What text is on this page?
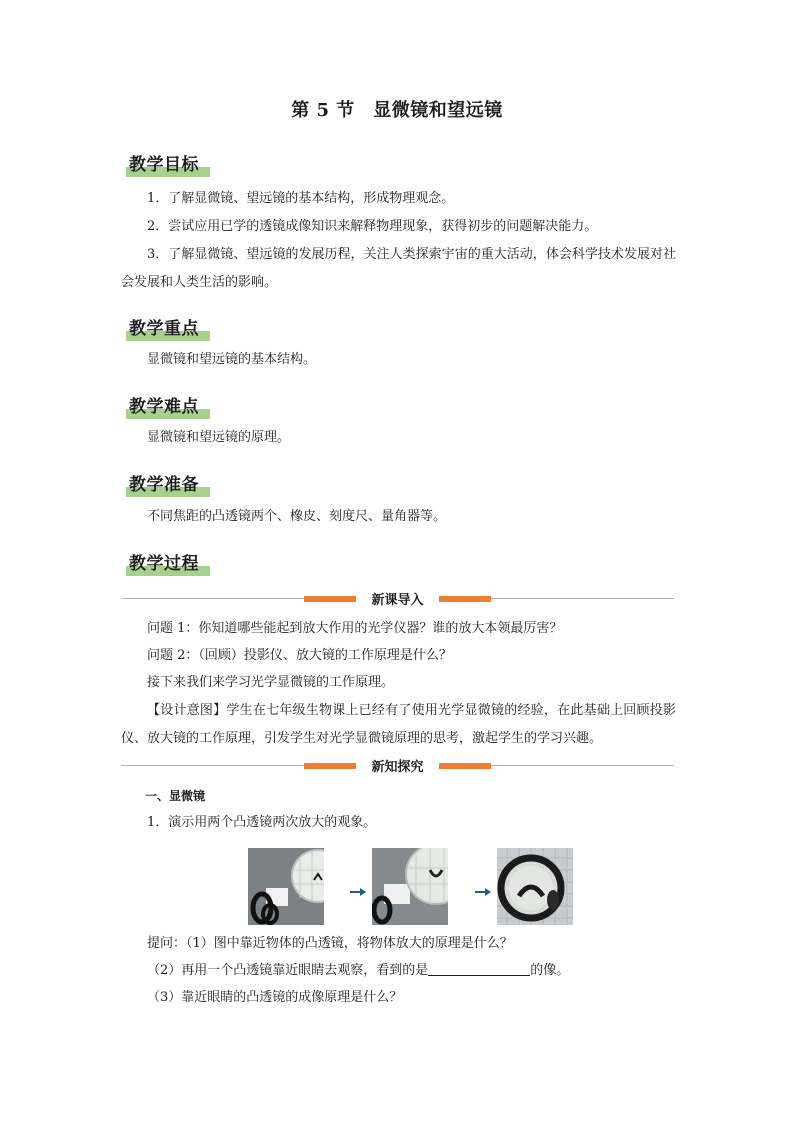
第 5 节　显微镜和望远镜
教学目标
1．了解显微镜、望远镜的基本结构，形成物理观念。
2．尝试应用已学的透镜成像知识来解释物理现象，获得初步的问题解决能力。
3．了解显微镜、望远镜的发展历程，关注人类探索宇宙的重大活动，体会科学技术发展对社会发展和人类生活的影响。
教学重点
显微镜和望远镜的基本结构。
教学难点
显微镜和望远镜的原理。
教学准备
不同焦距的凸透镜两个、橡皮、刻度尺、量角器等。
教学过程
新课导入
问题 1：你知道哪些能起到放大作用的光学仪器？谁的放大本领最厉害？
问题 2：（回顾）投影仪、放大镜的工作原理是什么？
接下来我们来学习光学显微镜的工作原理。
【设计意图】学生在七年级生物课上已经有了使用光学显微镜的经验，在此基础上回顾投影仪、放大镜的工作原理，引发学生对光学显微镜原理的思考，激起学生的学习兴趣。
新知探究
一、显微镜
1．演示用两个凸透镜两次放大的观象。
提问：（1）图中靠近物体的凸透镜，将物体放大的原理是什么？
（2）再用一个凸透镜靠近眼睛去观察，看到的是	的像。
（3）靠近眼睛的凸透镜的成像原理是什么？
